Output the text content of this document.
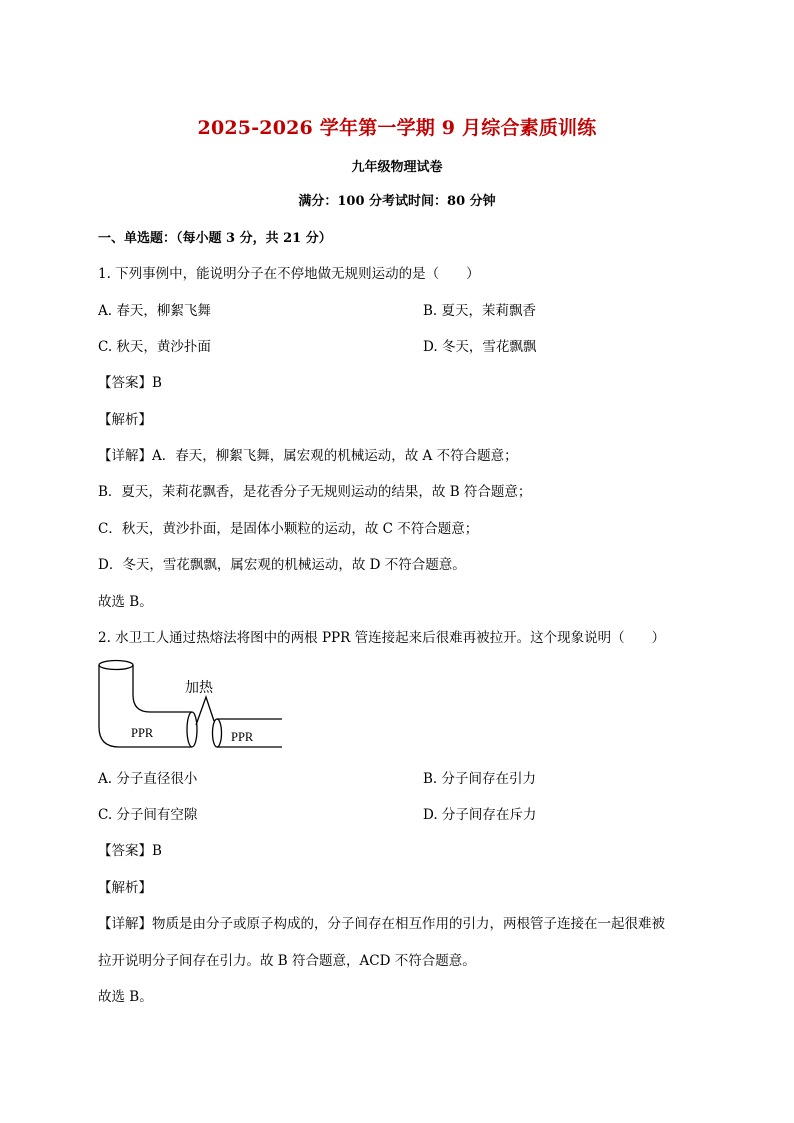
2025-2026 学年第一学期 9 月综合素质训练
九年级物理试卷
满分：100 分考试时间：80 分钟
一、单选题：（每小题 3 分，共 21 分）
1. 下列事例中，能说明分子在不停地做无规则运动的是（　　）
A. 春天，柳絮飞舞	B. 夏天，茉莉飘香
C. 秋天，黄沙扑面	D. 冬天，雪花飘飘
【答案】B
【解析】
【详解】A．春天，柳絮飞舞，属宏观的机械运动，故 A 不符合题意；
B．夏天，茉莉花飘香，是花香分子无规则运动的结果，故 B 符合题意；
C．秋天，黄沙扑面，是固体小颗粒的运动，故 C 不符合题意；
D．冬天，雪花飘飘，属宏观的机械运动，故 D 不符合题意。
故选 B。
2. 水卫工人通过热熔法将图中的两根 PPR 管连接起来后很难再被拉开。这个现象说明（　　）
加热
PPR	PPR
A. 分子直径很小	B. 分子间存在引力
C. 分子间有空隙	D. 分子间存在斥力
【答案】B
【解析】
【详解】物质是由分子或原子构成的，分子间存在相互作用的引力，两根管子连接在一起很难被
拉开说明分子间存在引力。故 B 符合题意，ACD 不符合题意。
故选 B。
